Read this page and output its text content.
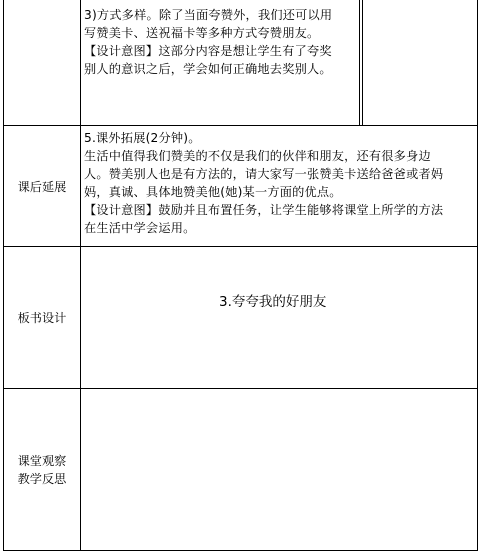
3)方式多样。除了当面夸赞外，我们还可以用
写赞美卡、送祝福卡等多种方式夸赞朋友。
【设计意图】这部分内容是想让学生有了夸奖
别人的意识之后，学会如何正确地去奖别人。
课后延展
5.课外拓展(2分钟)。
生活中值得我们赞美的不仅是我们的伙伴和朋友，还有很多身边
人。赞美别人也是有方法的，请大家写一张赞美卡送给爸爸或者妈
妈，真诚、具体地赞美他(她)某一方面的优点。
【设计意图】鼓励并且布置任务，让学生能够将课堂上所学的方法
在生活中学会运用。
板书设计
3.夸夸我的好朋友
课堂观察
教学反思
